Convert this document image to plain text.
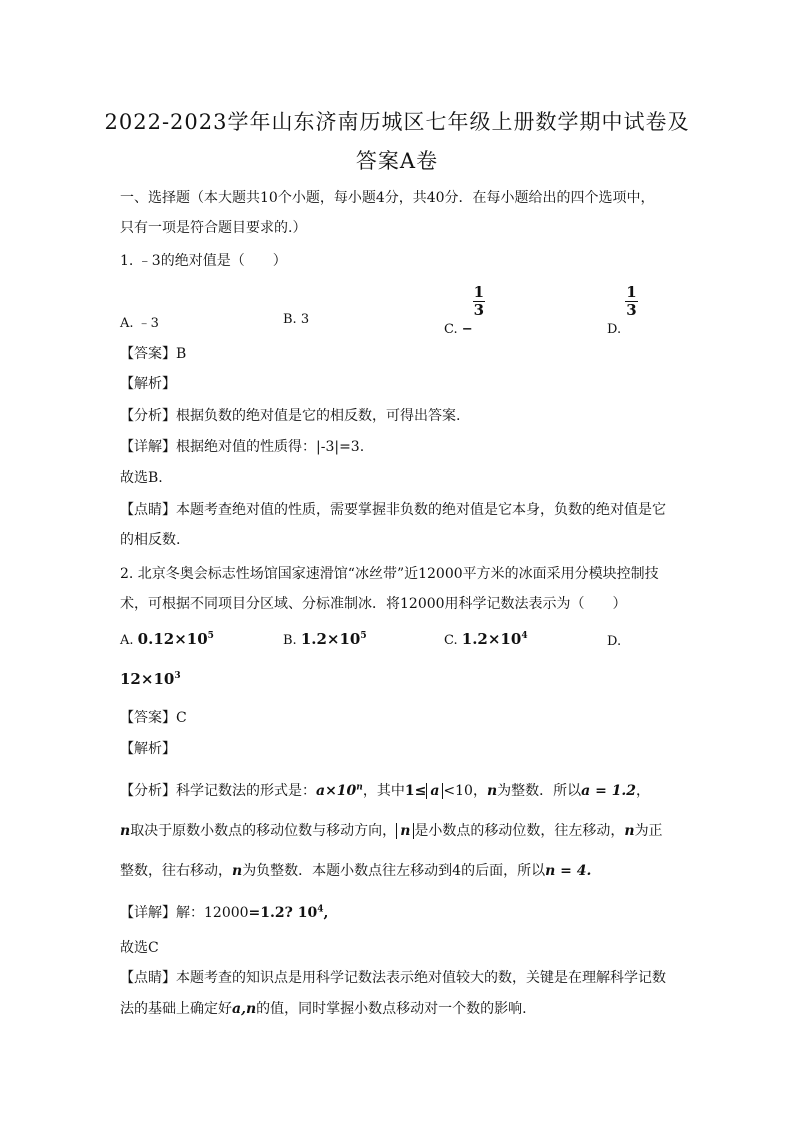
2022-2023学年山东济南历城区七年级上册数学期中试卷及
答案A卷
一、选择题（本大题共10个小题，每小题4分，共40分．在每小题给出的四个选项中，
只有一项是符合题目要求的.）
1. ﹣3的绝对值是（　　）
A. ﹣3	B. 3
C. −
$\frac{1}{3}$
D.
$\frac{1}{3}$
【答案】B
【解析】
【分析】根据负数的绝对值是它的相反数，可得出答案.
【详解】根据绝对值的性质得：|-3|=3.
故选B.
【点睛】本题考查绝对值的性质，需要掌握非负数的绝对值是它本身，负数的绝对值是它
的相反数.
2. 北京冬奥会标志性场馆国家速滑馆“冰丝带”近12000平方米的冰面采用分模块控制技
术，可根据不同项目分区域、分标准制冰．将12000用科学记数法表示为（　　）
A. $0.12\times 10^5$	B. $1.2\times 10^5$	C. $1.2\times 10^4$	D.
$12\times 10^3$
【答案】C
【解析】
【分析】科学记数法的形式是：$a\times 10^n$，其中1≤ a <10，n为整数．所以a = 1.2，
n取决于原数小数点的移动位数与移动方向， n 是小数点的移动位数，往左移动，n为正
整数，往右移动，n为负整数．本题小数点往左移动到4的后面，所以n = 4.
【详解】解：12000=1.2? $10^4$,
故选C
【点睛】本题考查的知识点是用科学记数法表示绝对值较大的数，关键是在理解科学记数
法的基础上确定好a,n的值，同时掌握小数点移动对一个数的影响.
